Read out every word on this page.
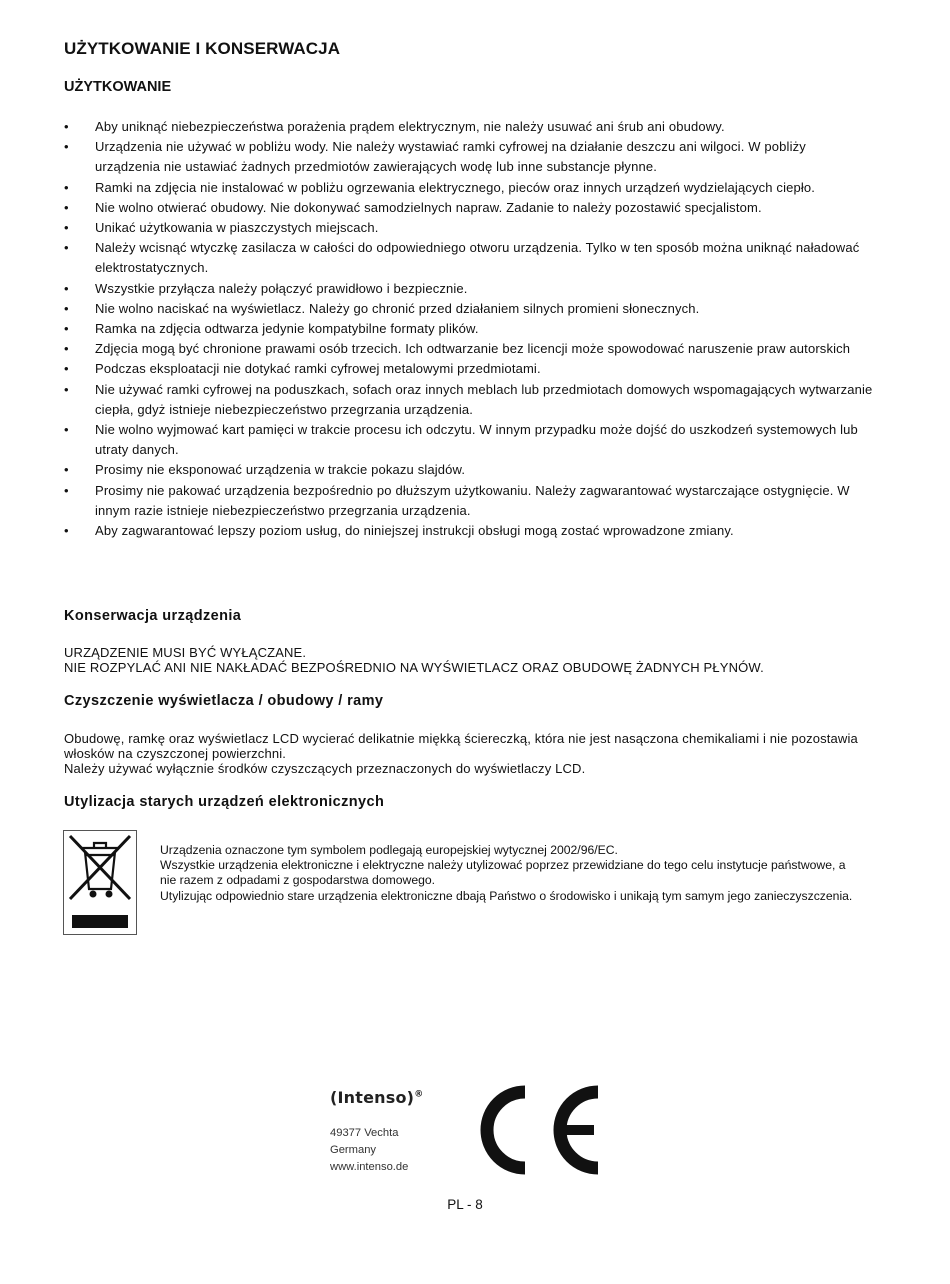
UŻYTKOWANIE I KONSERWACJA
UŻYTKOWANIE
• Aby uniknąć niebezpieczeństwa porażenia prądem elektrycznym, nie należy usuwać ani śrub ani obudowy.
• Urządzenia nie używać w pobliżu wody. Nie należy wystawiać ramki cyfrowej na działanie deszczu ani wilgoci. W pobliży urządzenia nie ustawiać żadnych przedmiotów zawierających wodę lub inne substancje płynne.
• Ramki na zdjęcia nie instalować w pobliżu ogrzewania elektrycznego, pieców oraz innych urządzeń wydzielających ciepło.
• Nie wolno otwierać obudowy. Nie dokonywać samodzielnych napraw. Zadanie to należy pozostawić specjalistom.
• Unikać użytkowania w piaszczystych miejscach.
• Należy wcisnąć wtyczkę zasilacza w całości do odpowiedniego otworu urządzenia. Tylko w ten sposób można uniknąć naładować elektrostatycznych.
• Wszystkie przyłącza należy połączyć prawidłowo i bezpiecznie.
• Nie wolno naciskać na wyświetlacz. Należy go chronić przed działaniem silnych promieni słonecznych.
• Ramka na zdjęcia odtwarza jedynie kompatybilne formaty plików.
• Zdjęcia mogą być chronione prawami osób trzecich. Ich odtwarzanie bez licencji może spowodować naruszenie praw autorskich
• Podczas eksploatacji nie dotykać ramki cyfrowej metalowymi przedmiotami.
• Nie używać ramki cyfrowej na poduszkach, sofach oraz innych meblach lub przedmiotach domowych wspomagających wytwarzanie ciepła, gdyż istnieje niebezpieczeństwo przegrzania urządzenia.
• Nie wolno wyjmować kart pamięci w trakcie procesu ich odczytu. W innym przypadku może dojść do uszkodzeń systemowych lub utraty danych.
• Prosimy nie eksponować urządzenia w trakcie pokazu slajdów.
• Prosimy nie pakować urządzenia bezpośrednio po dłuższym użytkowaniu. Należy zagwarantować wystarczające ostygnięcie. W innym razie istnieje niebezpieczeństwo przegrzania urządzenia.
• Aby zagwarantować lepszy poziom usług, do niniejszej instrukcji obsługi mogą zostać wprowadzone zmiany.
Konserwacja urządzenia
URZĄDZENIE MUSI BYĆ WYŁĄCZANE.
NIE ROZPYLAĆ ANI NIE NAKŁADAĆ BEZPOŚREDNIO NA WYŚWIETLACZ ORAZ OBUDOWĘ ŻADNYCH PŁYNÓW.
Czyszczenie wyświetlacza / obudowy / ramy
Obudowę, ramkę oraz wyświetlacz LCD wycierać delikatnie miękką ściereczką, która nie jest nasączona chemikaliami i nie pozostawia włosków na czyszczonej powierzchni.
Należy używać wyłącznie środków czyszczących przeznaczonych do wyświetlaczy LCD.
Utylizacja starych urządzeń elektronicznych
Urządzenia oznaczone tym symbolem podlegają europejskiej wytycznej 2002/96/EC.
Wszystkie urządzenia elektroniczne i elektryczne należy utylizować poprzez przewidziane do tego celu instytucje państwowe, a nie razem z odpadami z gospodarstwa domowego.
Utylizując odpowiednio stare urządzenia elektroniczne dbają Państwo o środowisko i unikają tym samym jego zanieczyszczenia.
(Intenso)®
49377 Vechta
Germany
www.intenso.de
PL - 8
